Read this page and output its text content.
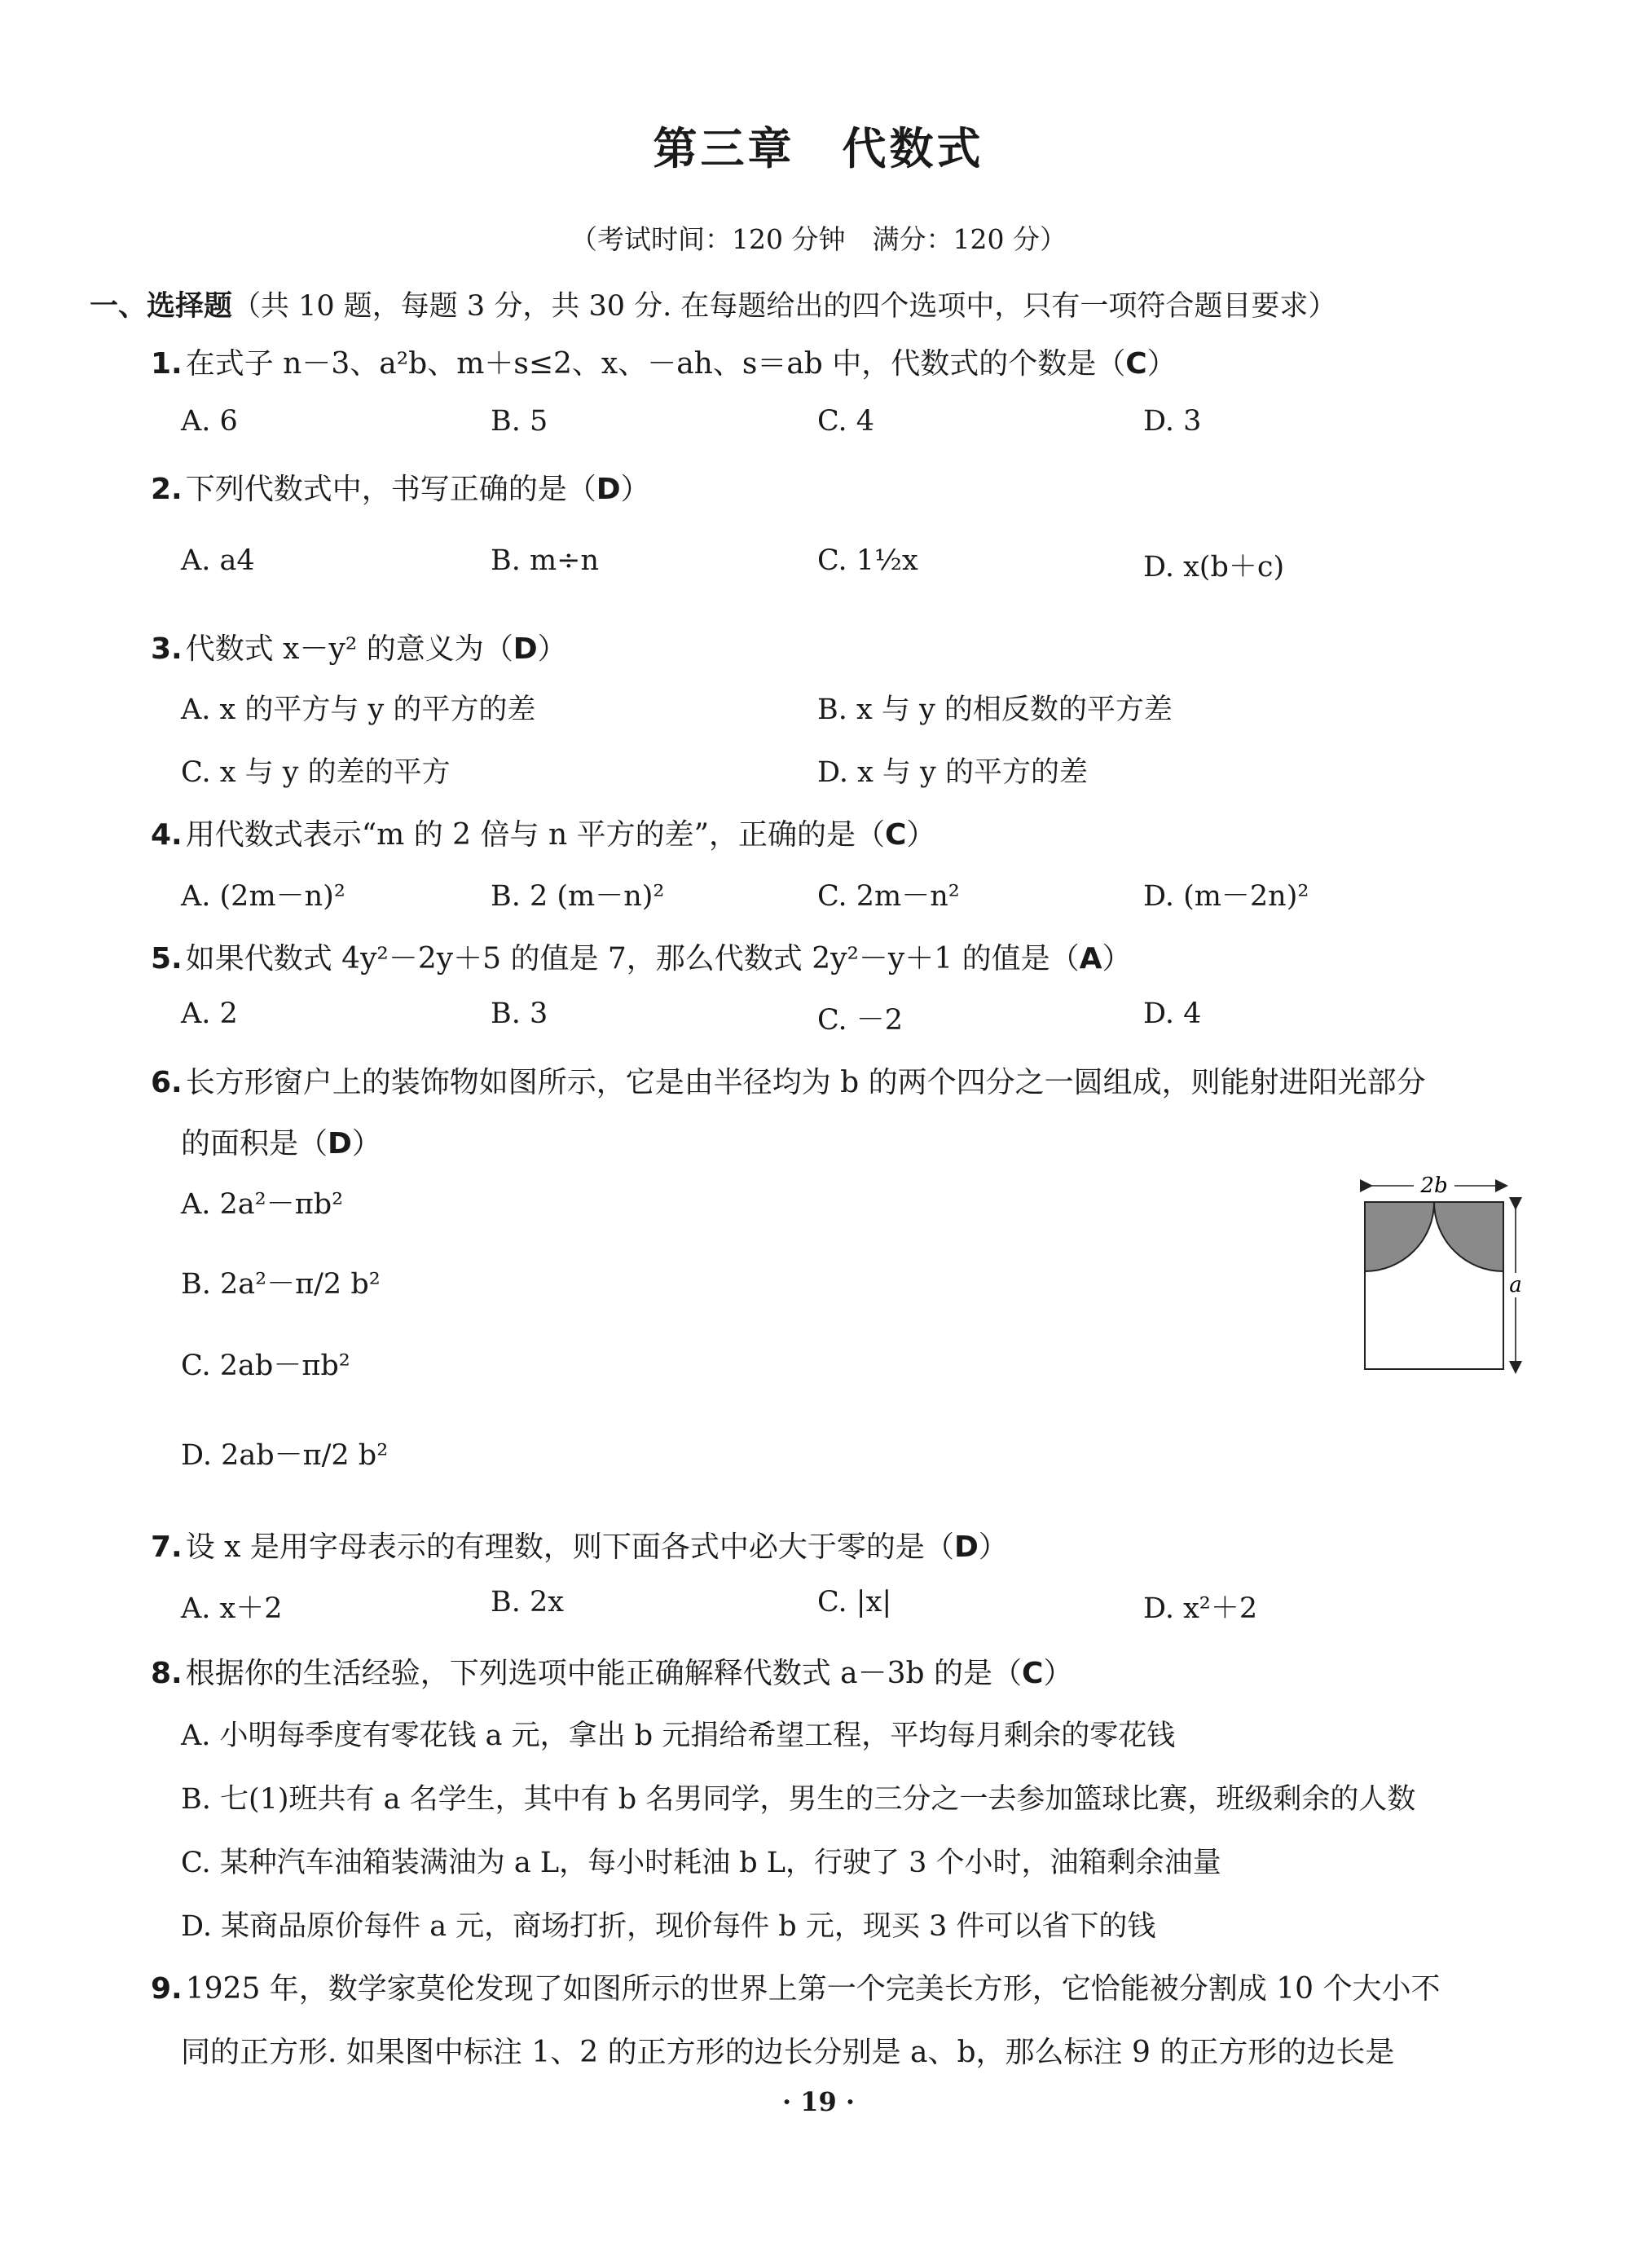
第三章　代数式
（考试时间：120 分钟　满分：120 分）
一、选择题（共 10 题，每题 3 分，共 30 分. 在每题给出的四个选项中，只有一项符合题目要求）
1. 在式子 n－3、a²b、m＋s≤2、x、－ah、s＝ab 中，代数式的个数是（C）
A. 6	B. 5	C. 4	D. 3
2. 下列代数式中，书写正确的是（D）
A. a4	B. m÷n	C. 1½x	D. x(b＋c)
3. 代数式 x－y² 的意义为（D）
A. x 的平方与 y 的平方的差	B. x 与 y 的相反数的平方差
C. x 与 y 的差的平方	D. x 与 y 的平方的差
4. 用代数式表示“m 的 2 倍与 n 平方的差”，正确的是（C）
A. (2m－n)²	B. 2 (m－n)²	C. 2m－n²	D. (m－2n)²
5. 如果代数式 4y²－2y＋5 的值是 7，那么代数式 2y²－y＋1 的值是（A）
A. 2	B. 3	C. －2	D. 4
6. 长方形窗户上的装饰物如图所示，它是由半径均为 b 的两个四分之一圆组成，则能射进阳光部分
的面积是（D）
A. 2a²－πb²
B. 2a²－π/2 b²
C. 2ab－πb²
D. 2ab－π/2 b²
2b
a
7. 设 x 是用字母表示的有理数，则下面各式中必大于零的是（D）
A. x＋2	B. 2x	C. |x|	D. x²＋2
8. 根据你的生活经验，下列选项中能正确解释代数式 a－3b 的是（C）
A. 小明每季度有零花钱 a 元，拿出 b 元捐给希望工程，平均每月剩余的零花钱
B. 七(1)班共有 a 名学生，其中有 b 名男同学，男生的三分之一去参加篮球比赛，班级剩余的人数
C. 某种汽车油箱装满油为 a L，每小时耗油 b L，行驶了 3 个小时，油箱剩余油量
D. 某商品原价每件 a 元，商场打折，现价每件 b 元，现买 3 件可以省下的钱
9. 1925 年，数学家莫伦发现了如图所示的世界上第一个完美长方形，它恰能被分割成 10 个大小不
同的正方形. 如果图中标注 1、2 的正方形的边长分别是 a、b，那么标注 9 的正方形的边长是
· 19 ·
